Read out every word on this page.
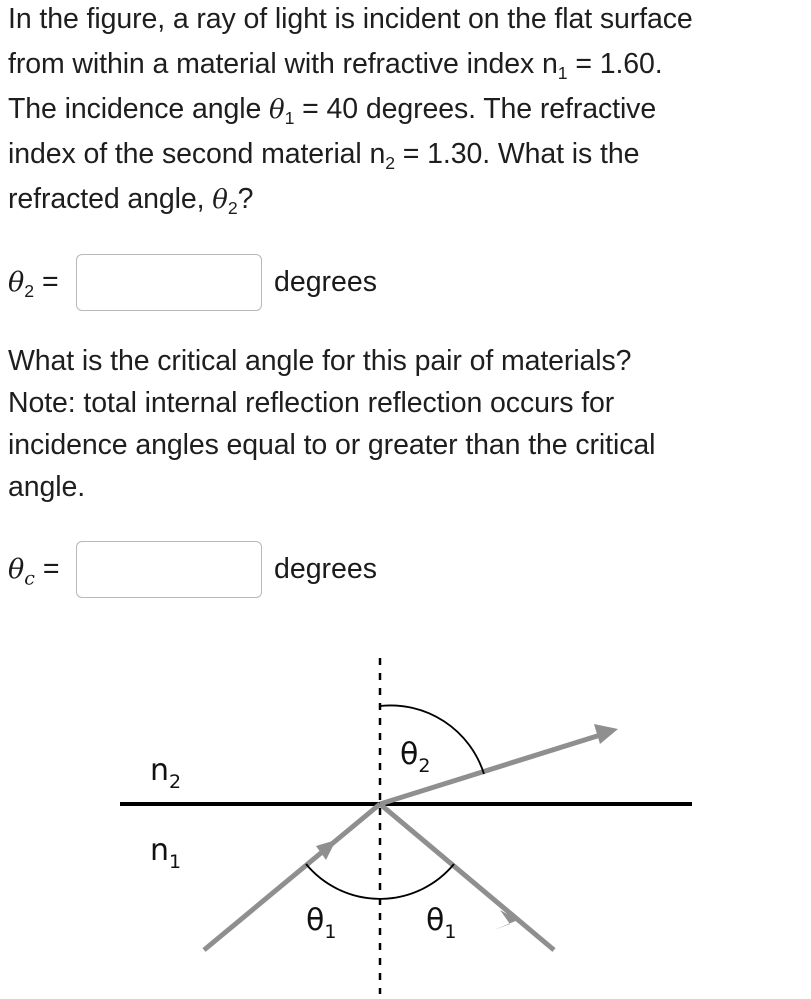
In the figure, a ray of light is incident on the flat surface
from within a material with refractive index $n_1 = 1.60$.
The incidence angle $\theta_1 = 40$ degrees. The refractive
index of the second material $n_2 = 1.30$. What is the
refracted angle, $\theta_2$?
$\theta_2$ =	degrees
What is the critical angle for this pair of materials?
Note: total internal reflection reflection occurs for
incidence angles equal to or greater than the critical
angle.
$\theta_c$ =	degrees
$n_2$
$n_1$
$\theta_2$
$\theta_1$	$\theta_1$
